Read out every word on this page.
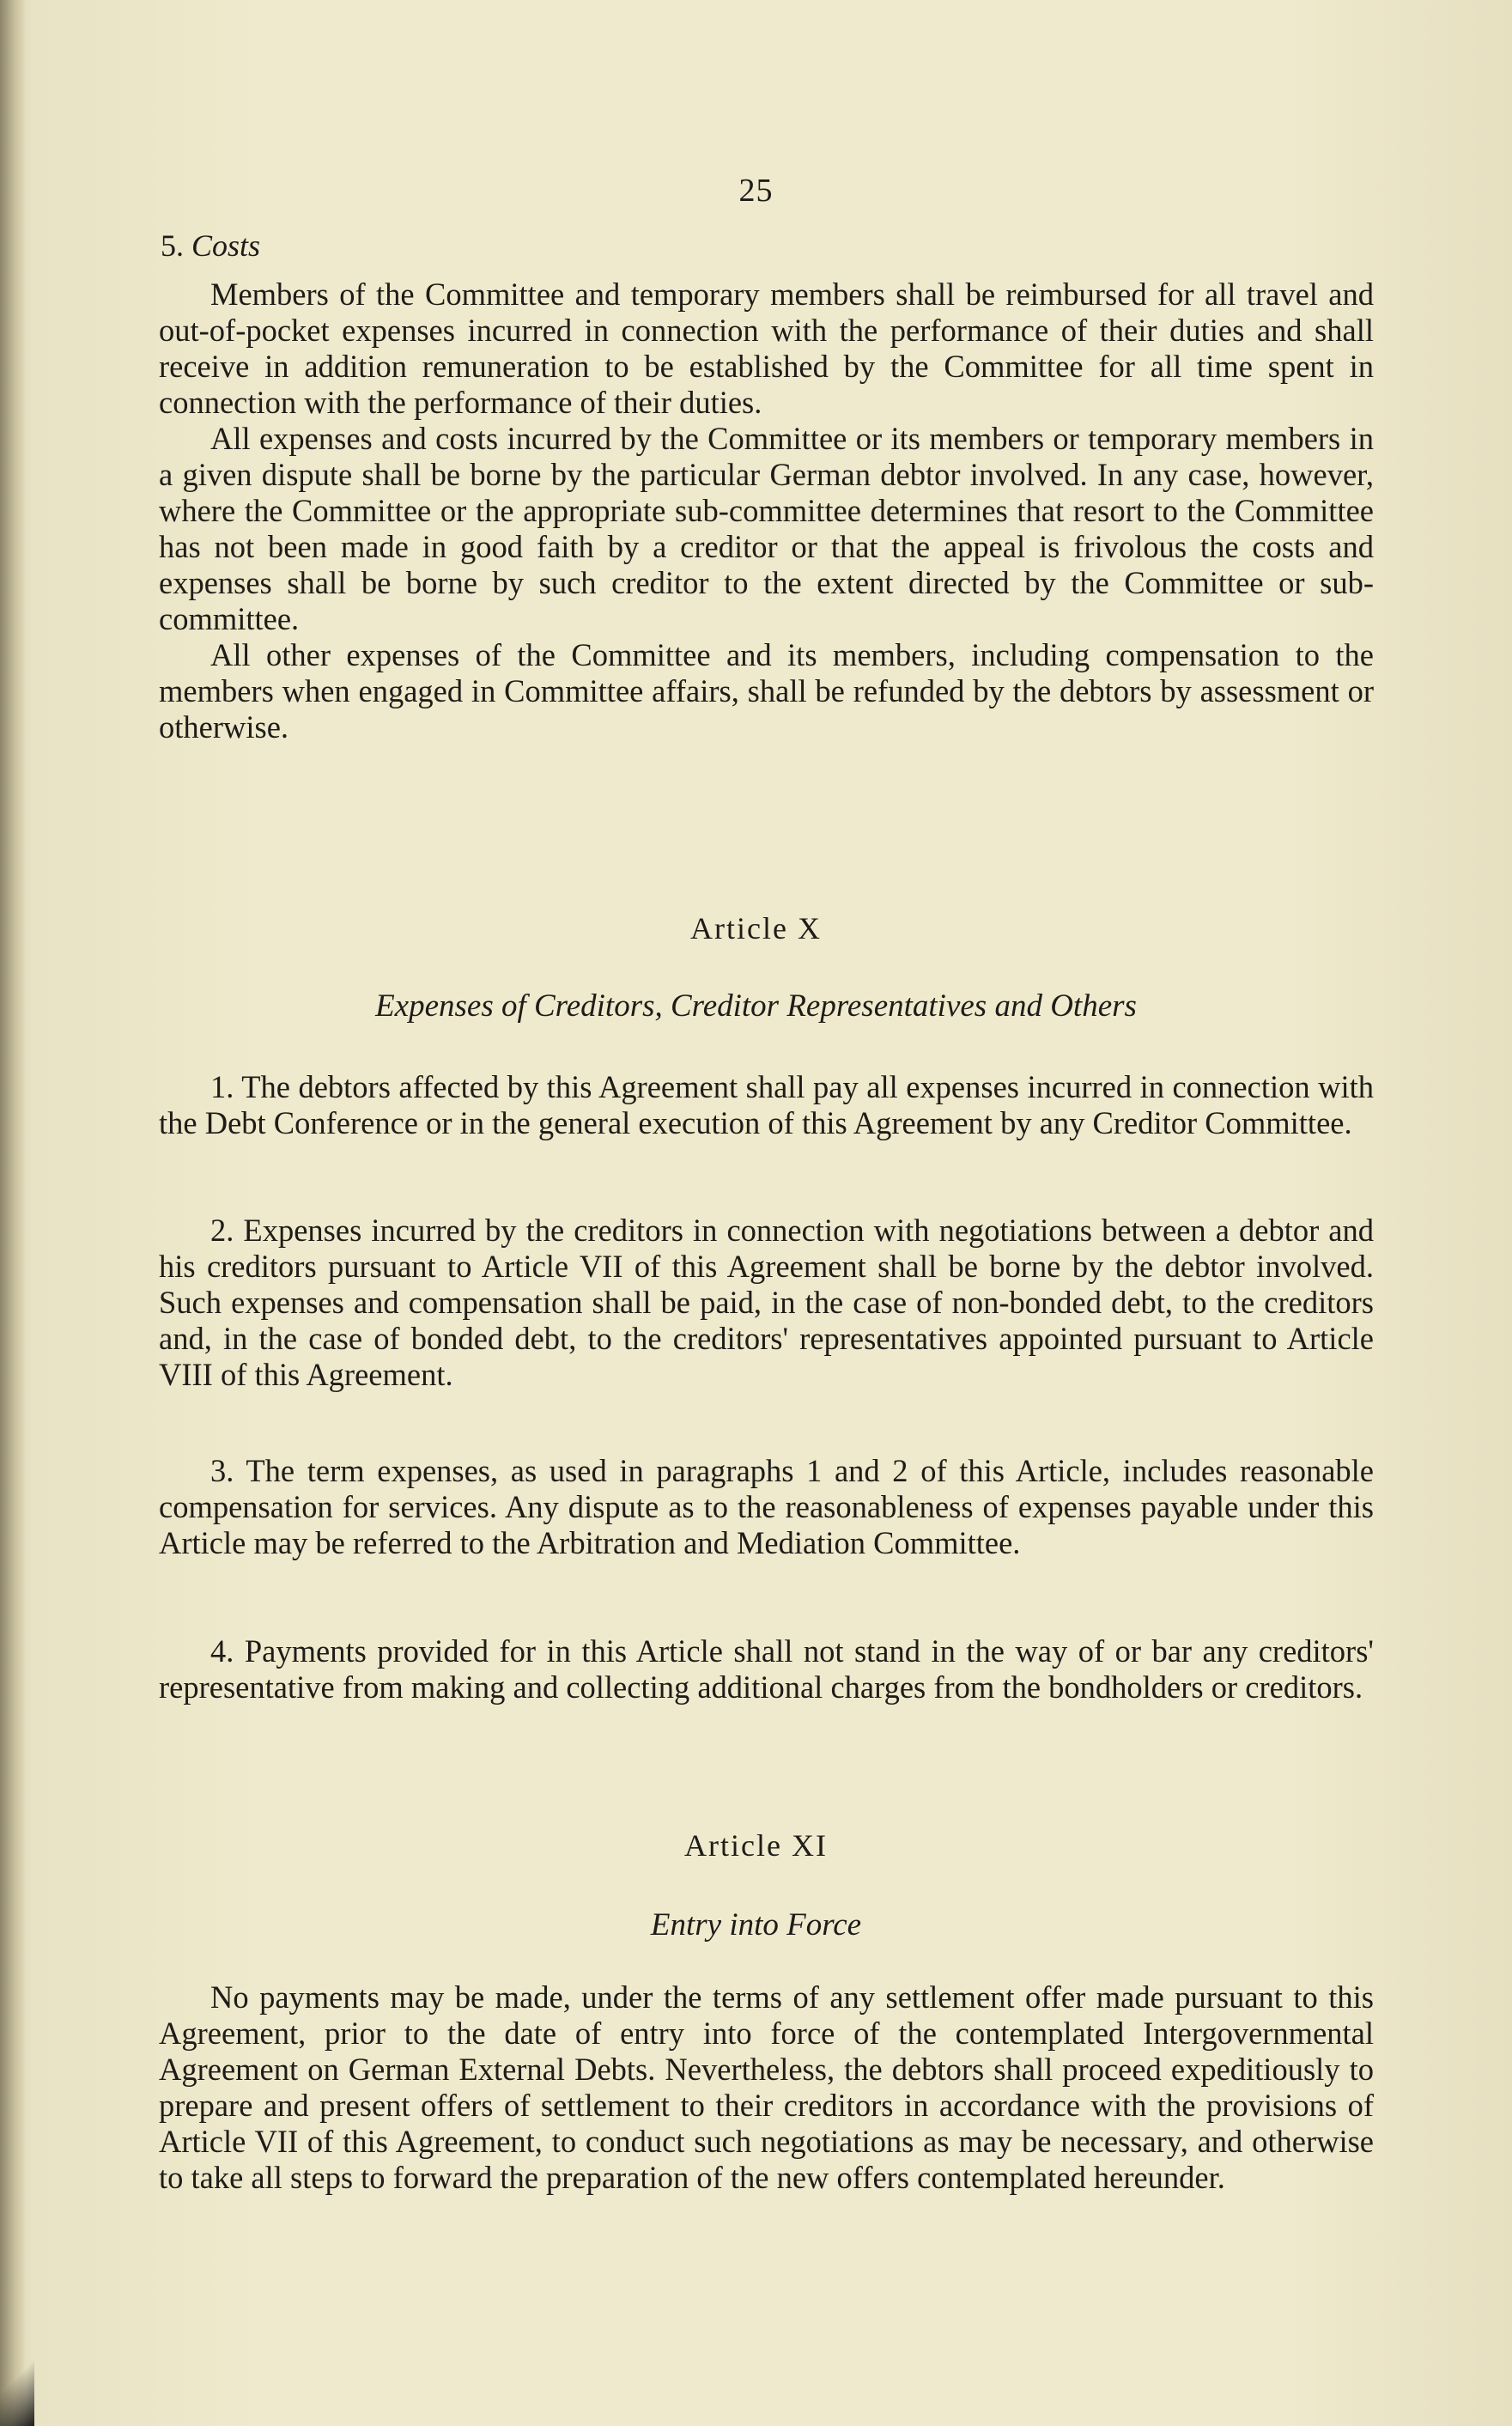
25
5. Costs

Members of the Committee and temporary members shall be reimbursed for all travel and out-of-pocket expenses incurred in connection with the performance of their duties and shall receive in addition remuneration to be established by the Committee for all time spent in connection with the performance of their duties.

All expenses and costs incurred by the Committee or its members or temporary members in a given dispute shall be borne by the particular German debtor involved. In any case, however, where the Committee or the appropriate sub-committee determines that resort to the Committee has not been made in good faith by a creditor or that the appeal is frivolous the costs and expenses shall be borne by such creditor to the extent directed by the Committee or sub-committee.

All other expenses of the Committee and its members, including compensation to the members when engaged in Committee affairs, shall be refunded by the debtors by assessment or otherwise.

Article X
Expenses of Creditors, Creditor Representatives and Others

1. The debtors affected by this Agreement shall pay all expenses incurred in connection with the Debt Conference or in the general execution of this Agreement by any Creditor Committee.

2. Expenses incurred by the creditors in connection with negotiations between a debtor and his creditors pursuant to Article VII of this Agreement shall be borne by the debtor involved. Such expenses and compensation shall be paid, in the case of non-bonded debt, to the creditors and, in the case of bonded debt, to the creditors' representatives appointed pursuant to Article VIII of this Agreement.

3. The term expenses, as used in paragraphs 1 and 2 of this Article, includes reasonable compensation for services. Any dispute as to the reasonableness of expenses payable under this Article may be referred to the Arbitration and Mediation Committee.

4. Payments provided for in this Article shall not stand in the way of or bar any creditors' representative from making and collecting additional charges from the bondholders or creditors.

Article XI
Entry into Force

No payments may be made, under the terms of any settlement offer made pursuant to this Agreement, prior to the date of entry into force of the contemplated Intergovernmental Agreement on German External Debts. Nevertheless, the debtors shall proceed expeditiously to prepare and present offers of settlement to their creditors in accordance with the provisions of Article VII of this Agreement, to conduct such negotiations as may be necessary, and otherwise to take all steps to forward the preparation of the new offers contemplated hereunder.
